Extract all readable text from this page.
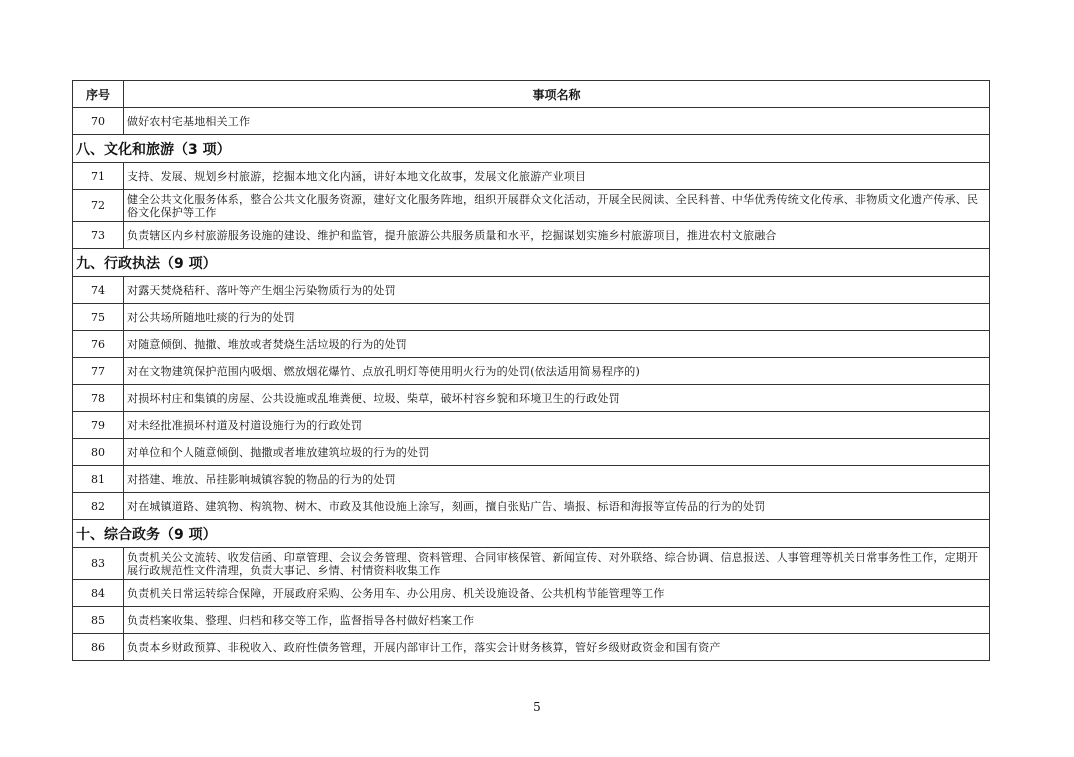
序号	事项名称
70	做好农村宅基地相关工作
八、文化和旅游（3 项）	
71	支持、发展、规划乡村旅游，挖掘本地文化内涵，讲好本地文化故事，发展文化旅游产业项目
72	健全公共文化服务体系，整合公共文化服务资源，建好文化服务阵地，组织开展群众文化活动，开展全民阅读、全民科普、中华优秀传统文化传承、非物质文化遗产传承、民俗文化保护等工作
73	负责辖区内乡村旅游服务设施的建设、维护和监管，提升旅游公共服务质量和水平，挖掘谋划实施乡村旅游项目，推进农村文旅融合
九、行政执法（9 项）	
74	对露天焚烧秸秆、落叶等产生烟尘污染物质行为的处罚
75	对公共场所随地吐痰的行为的处罚
76	对随意倾倒、抛撒、堆放或者焚烧生活垃圾的行为的处罚
77	对在文物建筑保护范围内吸烟、燃放烟花爆竹、点放孔明灯等使用明火行为的处罚(依法适用简易程序的)
78	对损坏村庄和集镇的房屋、公共设施或乱堆粪便、垃圾、柴草，破坏村容乡貌和环境卫生的行政处罚
79	对未经批准损坏村道及村道设施行为的行政处罚
80	对单位和个人随意倾倒、抛撒或者堆放建筑垃圾的行为的处罚
81	对搭建、堆放、吊挂影响城镇容貌的物品的行为的处罚
82	对在城镇道路、建筑物、构筑物、树木、市政及其他设施上涂写，刻画，擅自张贴广告、墙报、标语和海报等宣传品的行为的处罚
十、综合政务（9 项）	
83	负责机关公文流转、收发信函、印章管理、会议会务管理、资料管理、合同审核保管、新闻宣传、对外联络、综合协调、信息报送、人事管理等机关日常事务性工作，定期开展行政规范性文件清理，负责大事记、乡情、村情资料收集工作
84	负责机关日常运转综合保障，开展政府采购、公务用车、办公用房、机关设施设备、公共机构节能管理等工作
85	负责档案收集、整理、归档和移交等工作，监督指导各村做好档案工作
86	负责本乡财政预算、非税收入、政府性债务管理，开展内部审计工作，落实会计财务核算，管好乡级财政资金和国有资产
5
